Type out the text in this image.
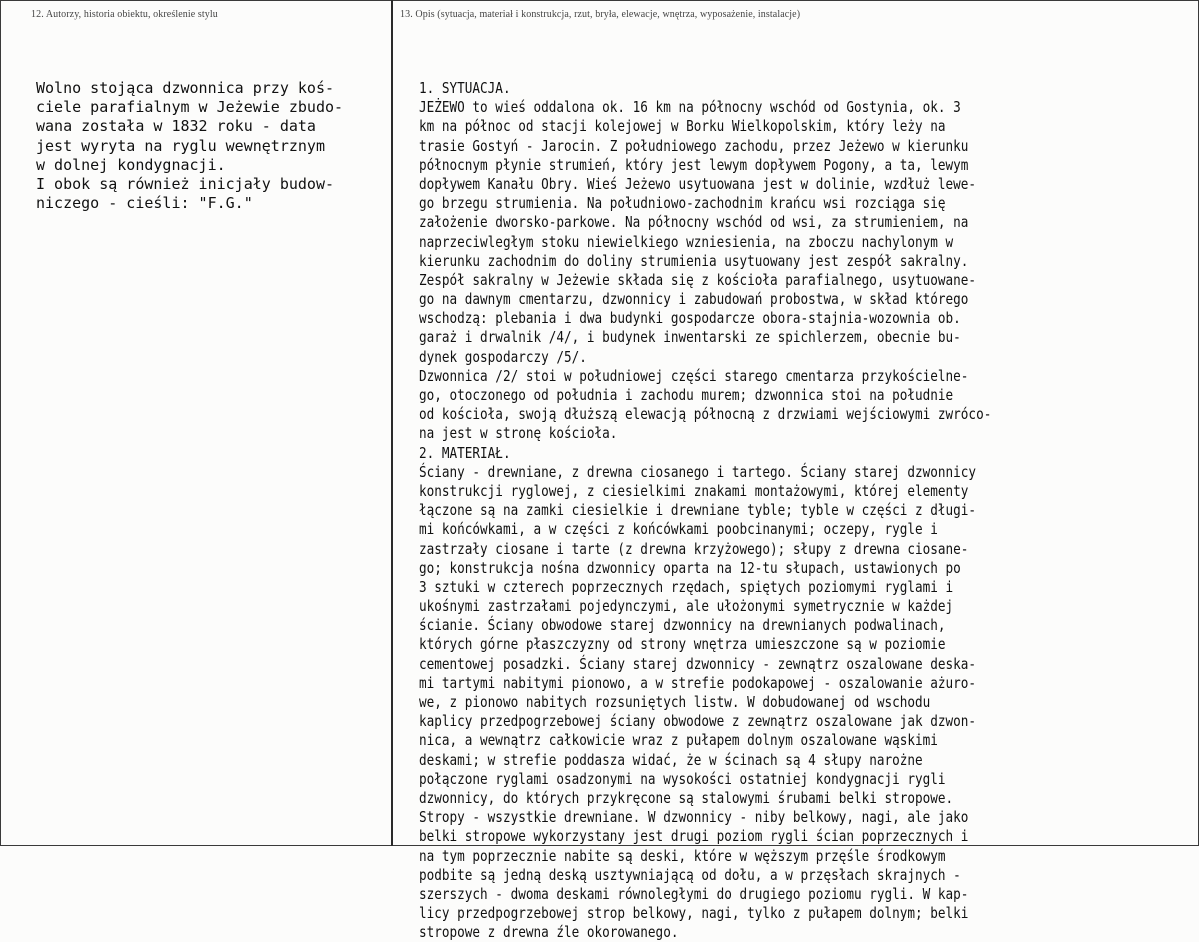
12. Autorzy, historia obiektu, określenie stylu	13. Opis (sytuacja, materiał i konstrukcja, rzut, bryła, elewacje, wnętrza, wyposażenie, instalacje)
Wolno stojąca dzwonnica przy koś-
ciele parafialnym w Jeżewie zbudo-
wana została w 1832 roku - data
jest wyryta na ryglu wewnętrznym
w dolnej kondygnacji.
I obok są również inicjały budow-
niczego - cieśli: "F.G."
1. SYTUACJA.
JEŻEWO to wieś oddalona ok. 16 km na północny wschód od Gostynia, ok. 3
km na północ od stacji kolejowej w Borku Wielkopolskim, który leży na
trasie Gostyń - Jarocin. Z południowego zachodu, przez Jeżewo w kierunku
północnym płynie strumień, który jest lewym dopływem Pogony, a ta, lewym
dopływem Kanału Obry. Wieś Jeżewo usytuowana jest w dolinie, wzdłuż lewe-
go brzegu strumienia. Na południowo-zachodnim krańcu wsi rozciąga się
założenie dworsko-parkowe. Na północny wschód od wsi, za strumieniem, na
naprzeciwległym stoku niewielkiego wzniesienia, na zboczu nachylonym w
kierunku zachodnim do doliny strumienia usytuowany jest zespół sakralny.
Zespół sakralny w Jeżewie składa się z kościoła parafialnego, usytuowane-
go na dawnym cmentarzu, dzwonnicy i zabudowań probostwa, w skład którego
wschodzą: plebania i dwa budynki gospodarcze obora-stajnia-wozownia ob.
garaż i drwalnik /4/, i budynek inwentarski ze spichlerzem, obecnie bu-
dynek gospodarczy /5/.
Dzwonnica /2/ stoi w południowej części starego cmentarza przykościelne-
go, otoczonego od południa i zachodu murem; dzwonnica stoi na południe
od kościoła, swoją dłuższą elewacją północną z drzwiami wejściowymi zwróco-
na jest w stronę kościoła.
2. MATERIAŁ.
Ściany - drewniane, z drewna ciosanego i tartego. Ściany starej dzwonnicy
konstrukcji ryglowej, z ciesielkimi znakami montażowymi, której elementy
łączone są na zamki ciesielkie i drewniane tyble; tyble w części z długi-
mi końcówkami, a w części z końcówkami poobcinanymi; oczepy, rygle i
zastrzały ciosane i tarte (z drewna krzyżowego); słupy z drewna ciosane-
go; konstrukcja nośna dzwonnicy oparta na 12-tu słupach, ustawionych po
3 sztuki w czterech poprzecznych rzędach, spiętych poziomymi ryglami i
ukośnymi zastrzałami pojedynczymi, ale ułożonymi symetrycznie w każdej
ścianie. Ściany obwodowe starej dzwonnicy na drewnianych podwalinach,
których górne płaszczyzny od strony wnętrza umieszczone są w poziomie
cementowej posadzki. Ściany starej dzwonnicy - zewnątrz oszalowane deska-
mi tartymi nabitymi pionowo, a w strefie podokapowej - oszalowanie ażuro-
we, z pionowo nabitych rozsuniętych listw. W dobudowanej od wschodu
kaplicy przedpogrzebowej ściany obwodowe z zewnątrz oszalowane jak dzwon-
nica, a wewnątrz całkowicie wraz z pułapem dolnym oszalowane wąskimi
deskami; w strefie poddasza widać, że w ścinach są 4 słupy narożne
połączone ryglami osadzonymi na wysokości ostatniej kondygnacji rygli
dzwonnicy, do których przykręcone są stalowymi śrubami belki stropowe.
Stropy - wszystkie drewniane. W dzwonnicy - niby belkowy, nagi, ale jako
belki stropowe wykorzystany jest drugi poziom rygli ścian poprzecznych i
na tym poprzecznie nabite są deski, które w węższym przęśle środkowym
podbite są jedną deską usztywniającą od dołu, a w przęsłach skrajnych -
szerszych - dwoma deskami równoległymi do drugiego poziomu rygli. W kap-
licy przedpogrzebowej strop belkowy, nagi, tylko z pułapem dolnym; belki
stropowe z drewna źle okorowanego.
